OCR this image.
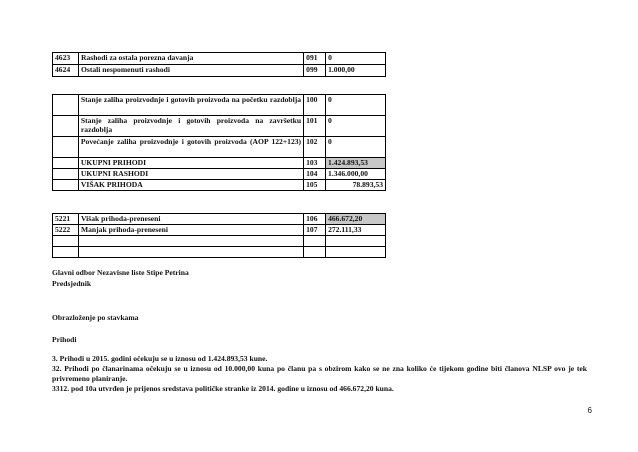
4623	Rashodi za ostala porezna davanja	091	0
4624	Ostali nespomenuti rashodi	099	1.000,00
	Stanje zaliha proizvodnje i gotovih proizvoda na početku razdoblja	100	0
	Stanje zaliha proizvodnje i gotovih proizvoda na završetku razdoblja	101	0
	Povećanje zaliha proizvodnje i gotovih proizvoda (AOP 122+123)	102	0
	UKUPNI PRIHODI	103	1.424.893,53
	UKUPNI RASHODI	104	1.346.000,00
	VIŠAK PRIHODA	105	78.893,53
5221	Višak prihoda-preneseni	106	466.672,20
5222	Manjak prihoda-preneseni	107	272.111,33

Glavni odbor Nezavisne liste Stipe Petrina
Predsjednik
Obrazloženje po stavkama
Prihodi
3. Prihodi u 2015. godini očekuju se u iznosu od 1.424.893,53 kune.
32. Prihodi po članarinama očekuju se u iznosu od 10.000,00 kuna po članu pa s obzirom kako se ne zna koliko će tijekom godine biti članova NLSP ovo je tek privremeno planiranje.
3312. pod 10a utvrđen je prijenos sredstava političke stranke iz 2014. godine u iznosu od 466.672,20 kuna.
6
